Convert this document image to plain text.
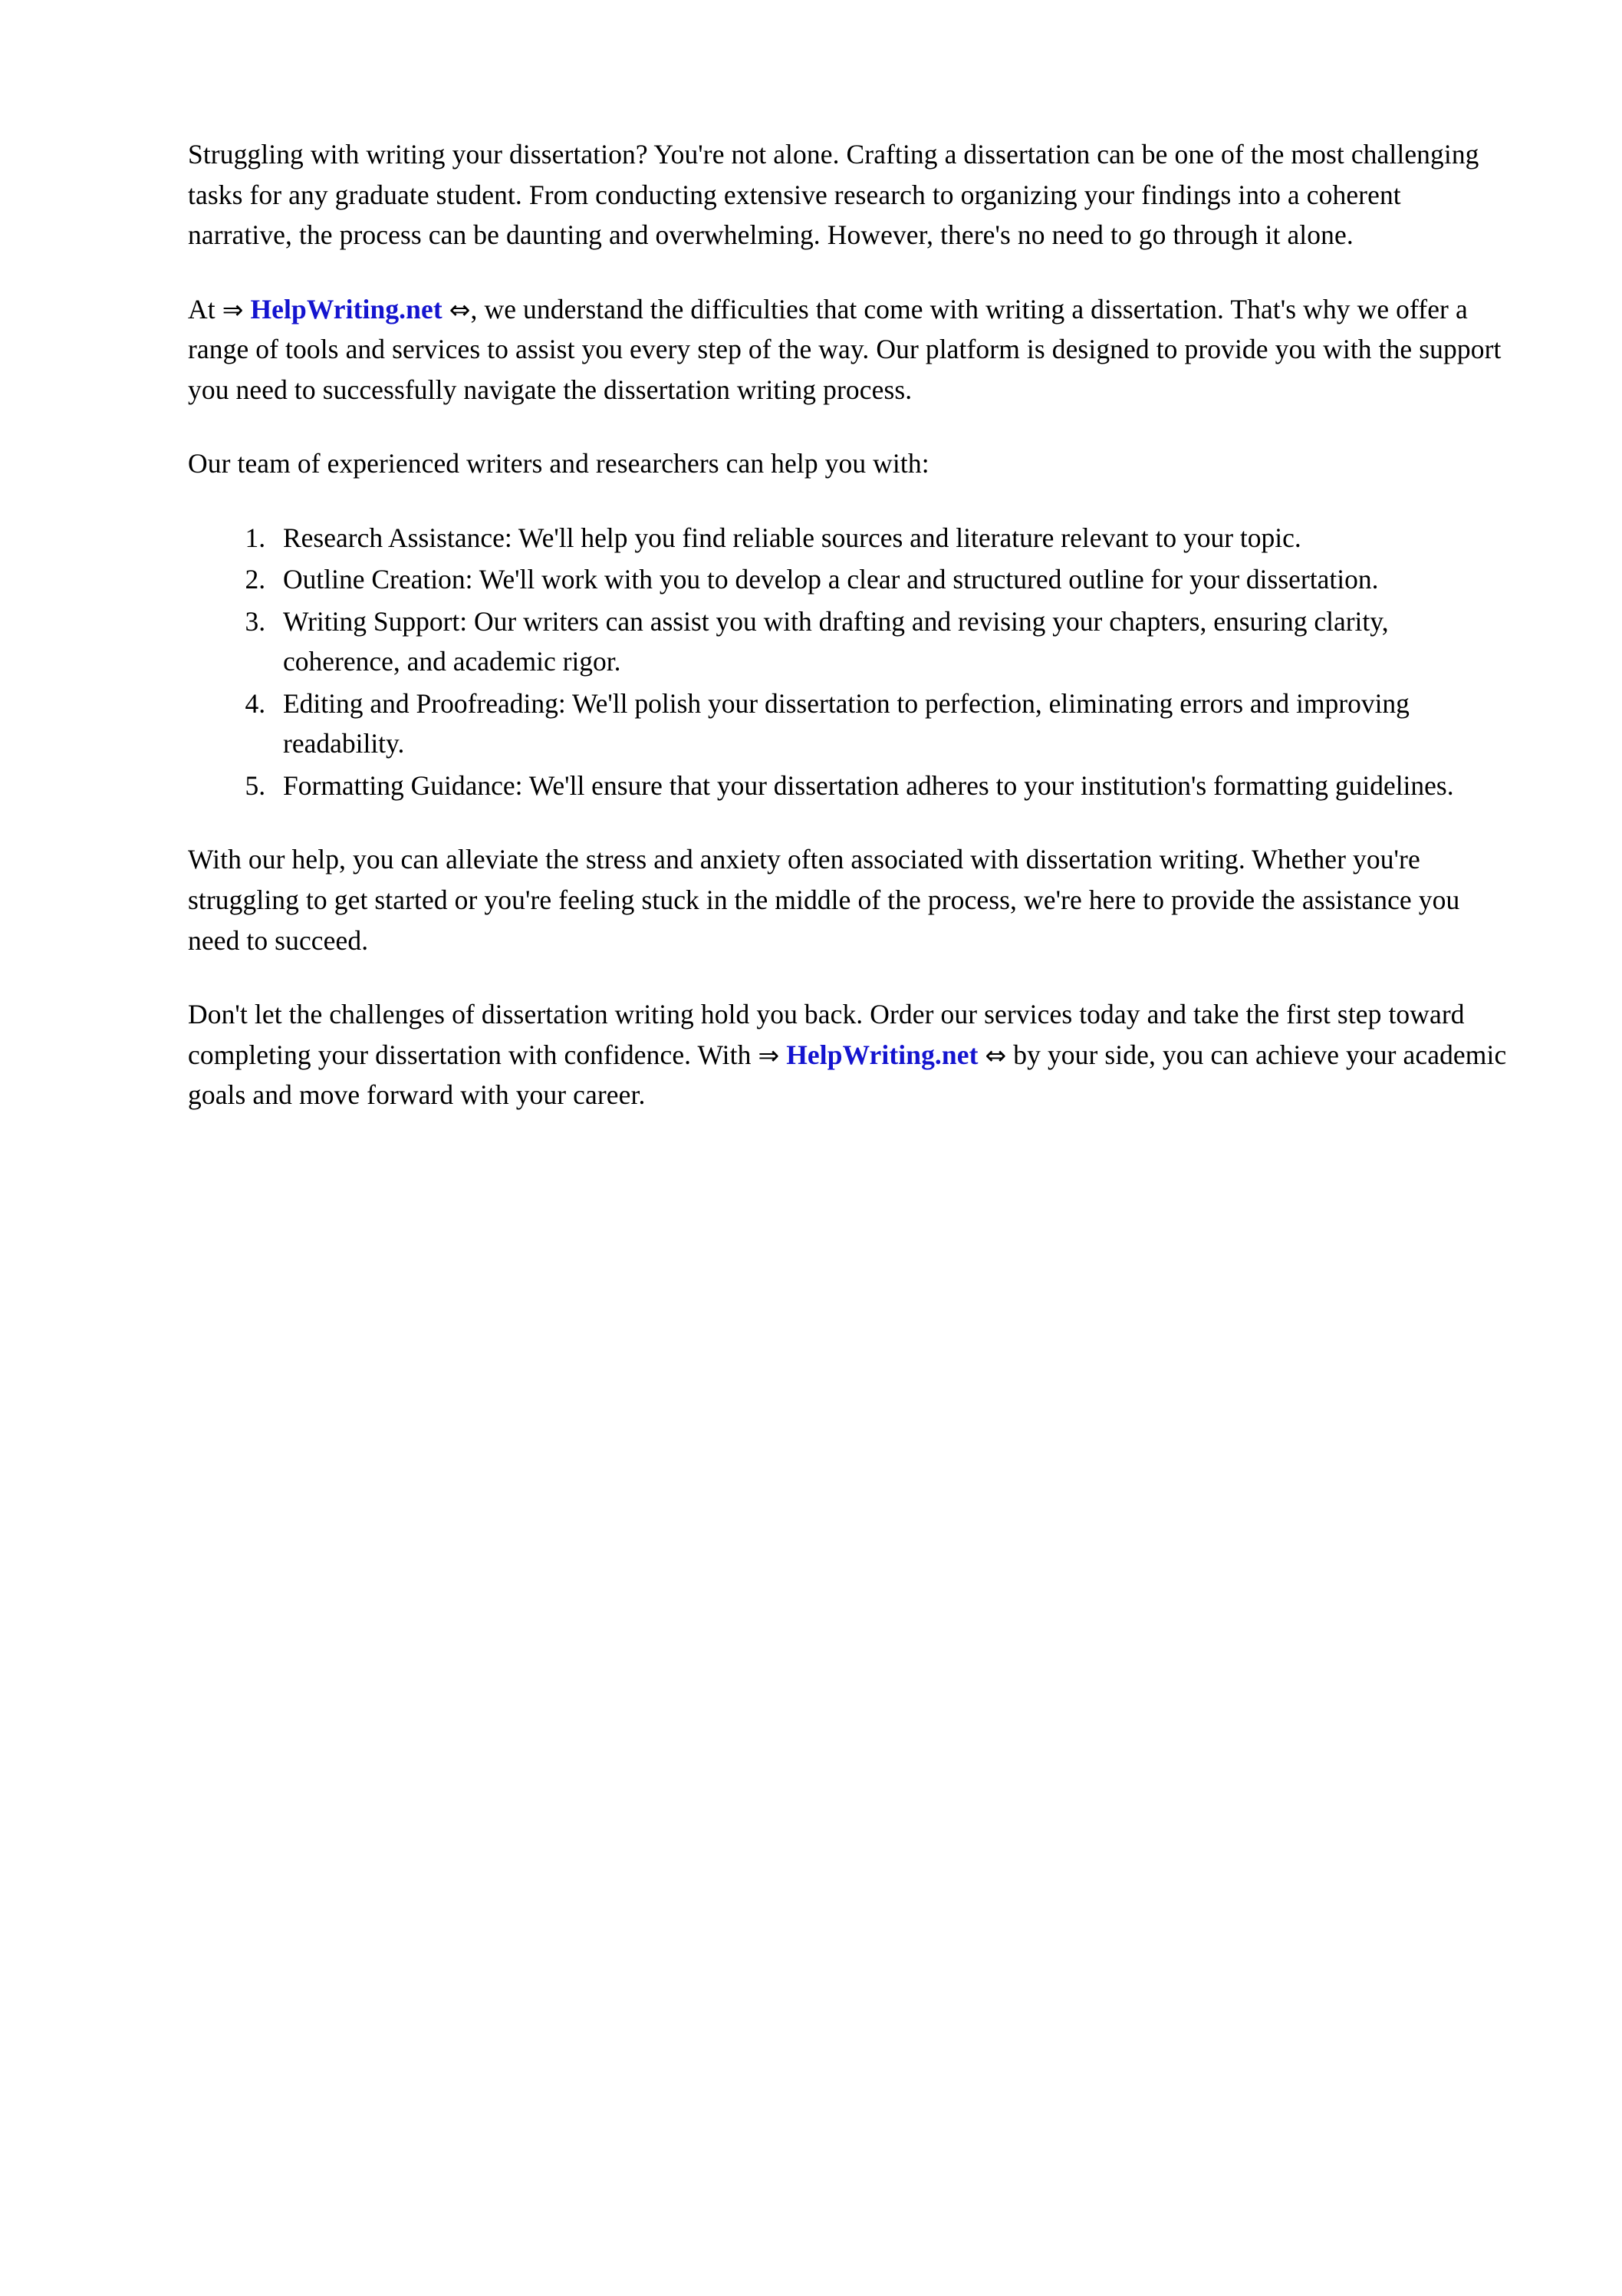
Struggling with writing your dissertation? You're not alone. Crafting a dissertation can be one of the most challenging tasks for any graduate student. From conducting extensive research to organizing your findings into a coherent narrative, the process can be daunting and overwhelming. However, there's no need to go through it alone.

At ⇒ HelpWriting.net ⇔, we understand the difficulties that come with writing a dissertation. That's why we offer a range of tools and services to assist you every step of the way. Our platform is designed to provide you with the support you need to successfully navigate the dissertation writing process.

Our team of experienced writers and researchers can help you with:

1. Research Assistance: We'll help you find reliable sources and literature relevant to your topic.
2. Outline Creation: We'll work with you to develop a clear and structured outline for your dissertation.
3. Writing Support: Our writers can assist you with drafting and revising your chapters, ensuring clarity, coherence, and academic rigor.
4. Editing and Proofreading: We'll polish your dissertation to perfection, eliminating errors and improving readability.
5. Formatting Guidance: We'll ensure that your dissertation adheres to your institution's formatting guidelines.

With our help, you can alleviate the stress and anxiety often associated with dissertation writing. Whether you're struggling to get started or you're feeling stuck in the middle of the process, we're here to provide the assistance you need to succeed.

Don't let the challenges of dissertation writing hold you back. Order our services today and take the first step toward completing your dissertation with confidence. With ⇒ HelpWriting.net ⇔ by your side, you can achieve your academic goals and move forward with your career.
